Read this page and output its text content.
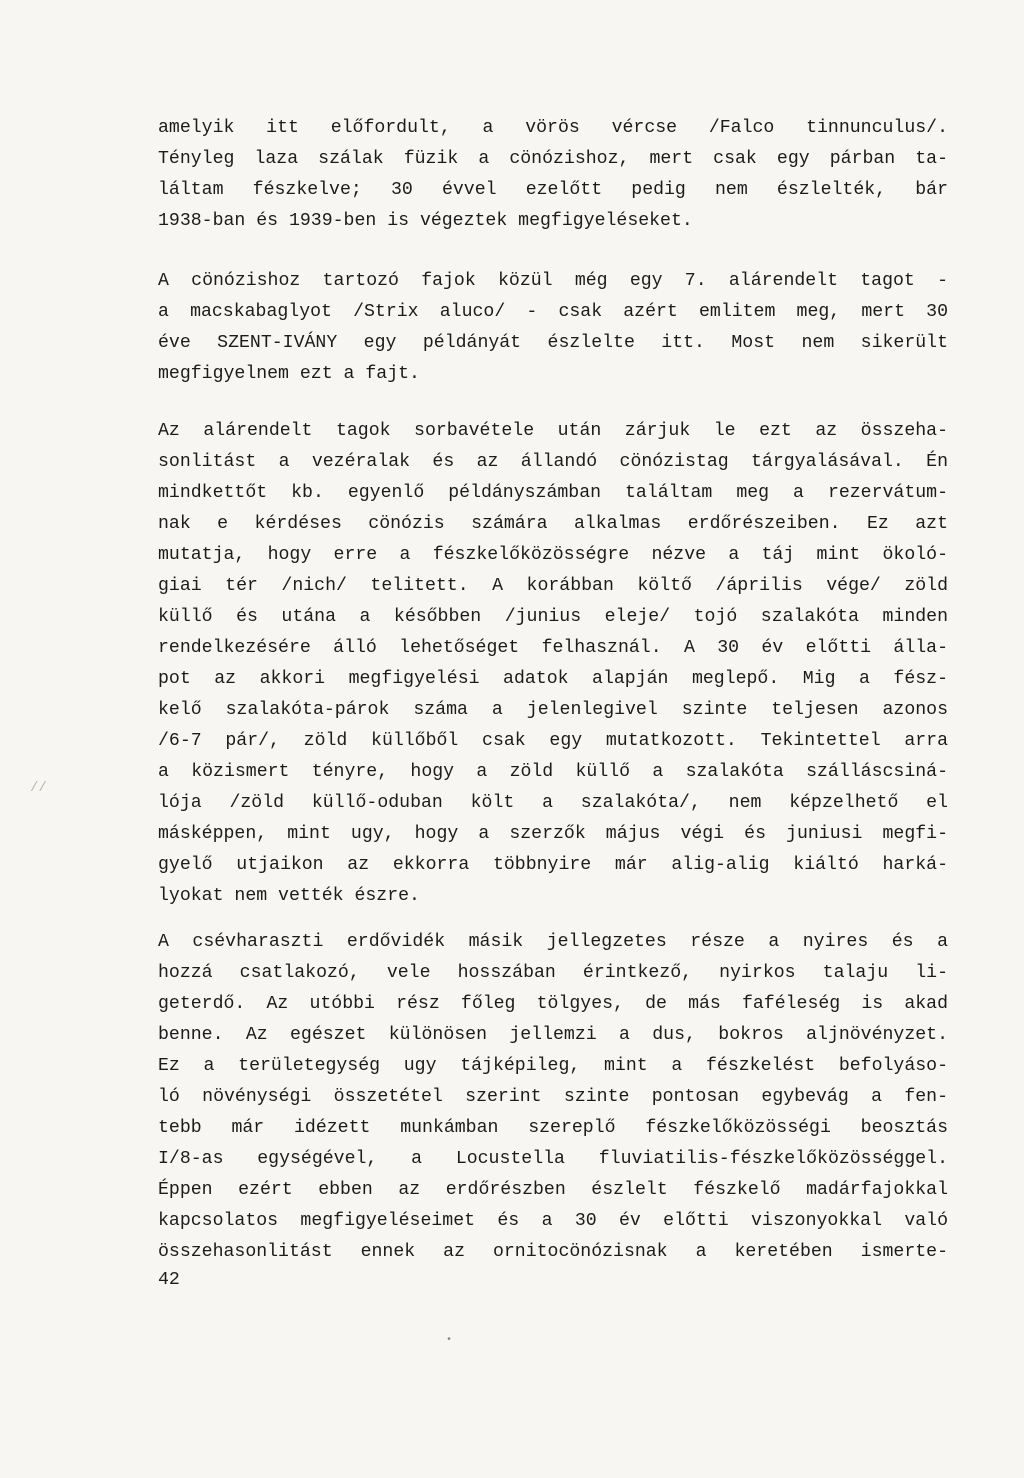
amelyik itt előfordult, a vörös vércse /Falco tinnunculus/.
Tényleg laza szálak füzik a cönózishoz, mert csak egy párban ta-
láltam fészkelve; 30 évvel ezelőtt pedig nem észlelték, bár
1938-ban és 1939-ben is végeztek megfigyeléseket.
A cönózishoz tartozó fajok közül még egy 7. alárendelt tagot -
a macskabaglyot /Strix aluco/ - csak azért emlitem meg, mert 30
éve SZENT-IVÁNY egy példányát észlelte itt. Most nem sikerült
megfigyelnem ezt a fajt.
Az alárendelt tagok sorbavétele után zárjuk le ezt az összeha-
sonlitást a vezéralak és az állandó cönózistag tárgyalásával. Én
mindkettőt kb. egyenlő példányszámban találtam meg a rezervátum-
nak e kérdéses cönózis számára alkalmas erdőrészeiben. Ez azt
mutatja, hogy erre a fészkelőközösségre nézve a táj mint ökoló-
giai tér /nich/ telitett. A korábban költő /április vége/ zöld
küllő és utána a későbben /junius eleje/ tojó szalakóta minden
rendelkezésére álló lehetőséget felhasznál. A 30 év előtti álla-
pot az akkori megfigyelési adatok alapján meglepő. Mig a fész-
kelő szalakóta-párok száma a jelenlegivel szinte teljesen azonos
/6-7 pár/, zöld küllőből csak egy mutatkozott. Tekintettel arra
a közismert tényre, hogy a zöld küllő a szalakóta szálláscsiná-
lója /zöld küllő-oduban költ a szalakóta/, nem képzelhető el
másképpen, mint ugy, hogy a szerzők május végi és juniusi megfi-
gyelő utjaikon az ekkorra többnyire már alig-alig kiáltó harká-
lyokat nem vették észre.
A csévharaszti erdővidék másik jellegzetes része a nyires és a
hozzá csatlakozó, vele hosszában érintkező, nyirkos talaju li-
geterdő. Az utóbbi rész főleg tölgyes, de más faféleség is akad
benne. Az egészet különösen jellemzi a dus, bokros aljnövényzet.
Ez a területegység ugy tájképileg, mint a fészkelést befolyáso-
ló növénységi összetétel szerint szinte pontosan egybevág a fen-
tebb már idézett munkámban szereplő fészkelőközösségi beosztás
I/8-as egységével, a Locustella fluviatilis-fészkelőközösséggel.
Éppen ezért ebben az erdőrészben észlelt fészkelő madárfajokkal
kapcsolatos megfigyeléseimet és a 30 év előtti viszonyokkal való
összehasonlitást ennek az ornitocönózisnak a keretében ismerte-
42
//
•
